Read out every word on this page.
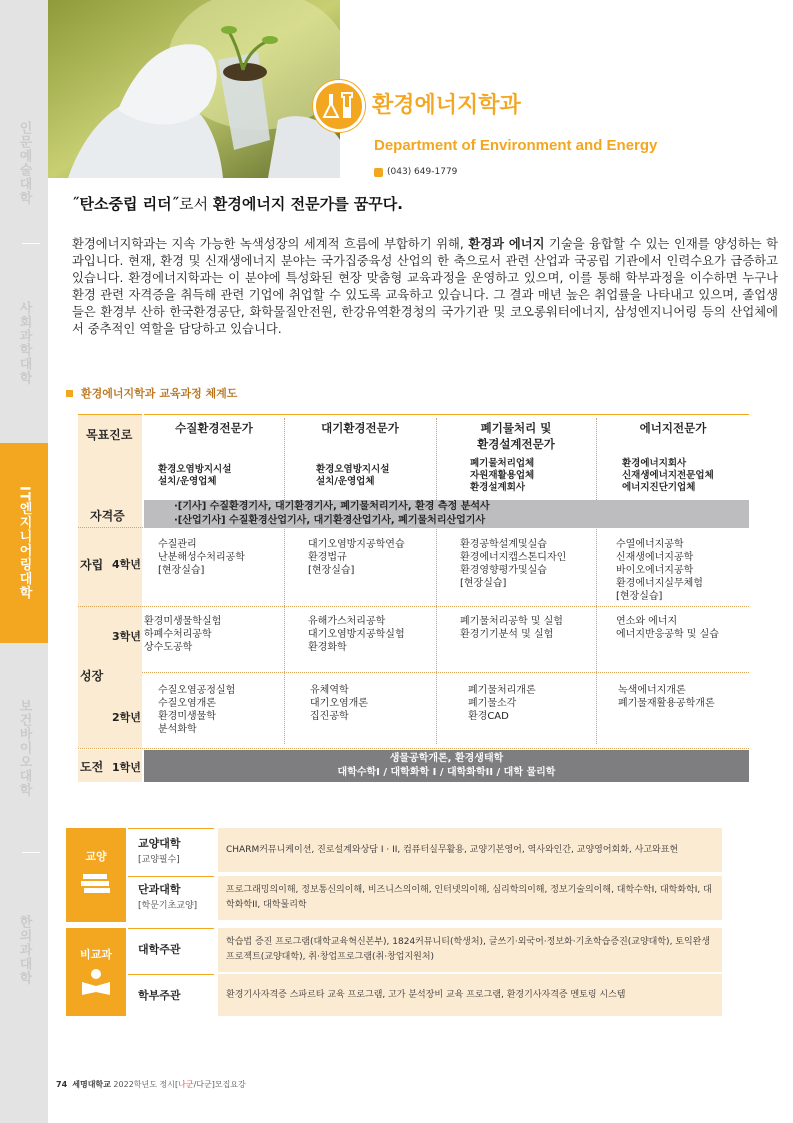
인문예술대학
사회과학대학
IT엔지니어링대학
보건바이오대학
한의과대학
환경에너지학과
Department of Environment and Energy
(043) 649-1779
˝탄소중립 리더˝로서 환경에너지 전문가를 꿈꾸다.
환경에너지학과는 지속 가능한 녹색성장의 세계적 흐름에 부합하기 위해, 환경과 에너지 기술을 융합할 수 있는 인재를 양성하는 학과입니다. 현재, 환경 및 신재생에너지 분야는 국가집중육성 산업의 한 축으로서 관련 산업과 국공립 기관에서 인력수요가 급증하고 있습니다. 환경에너지학과는 이 분야에 특성화된 현장 맞춤형 교육과정을 운영하고 있으며, 이를 통해 학부과정을 이수하면 누구나 환경 관련 자격증을 취득해 관련 기업에 취업할 수 있도록 교육하고 있습니다. 그 결과 매년 높은 취업률을 나타내고 있으며, 졸업생들은 환경부 산하 한국환경공단, 화학물질안전원, 한강유역환경청의 국가기관 및 코오롱워터에너지, 삼성엔지니어링 등의 산업체에서 중추적인 역할을 담당하고 있습니다.
환경에너지학과 교육과정 체계도
목표진로
자격증
자립 4학년
성장
3학년
2학년
도전 1학년
수질환경전문가
환경오염방지시설
설치/운영업체
수질관리
난분해성수처리공학
[현장실습]
환경미생물학실험
하폐수처리공학
상수도공학
수질오염공정실험
수질오염개론
환경미생물학
분석화학
대기환경전문가
환경오염방지시설
설치/운영업체
대기오염방지공학연습
환경법규
[현장실습]
유해가스처리공학
대기오염방지공학실험
환경화학
유체역학
대기오염개론
집진공학
폐기물처리 및
환경설계전문가
폐기물처리업체
자원재활용업체
환경설계회사
환경공학설계및실습
환경에너지캡스톤디자인
환경영향평가및실습
[현장실습]
폐기물처리공학 및 실험
환경기기분석 및 실험
폐기물처리개론
폐기물소각
환경CAD
에너지전문가
환경에너지회사
신재생에너지전문업체
에너지진단기업체
수열에너지공학
신재생에너지공학
바이오에너지공학
환경에너지실무체험
[현장실습]
연소와 에너지
에너지반응공학 및 실습
녹색에너지개론
폐기물재활용공학개론
·[기사] 수질환경기사, 대기환경기사, 폐기물처리기사, 환경 측정 분석사
·[산업기사] 수질환경산업기사, 대기환경산업기사, 폐기물처리산업기사
생물공학개론, 환경생태학
대학수학I / 대학화학 I / 대학화학II / 대학 물리학
교양
비교과
교양대학
[교양필수]
CHARM커뮤니케이션, 진로설계와상담 I · II, 컴퓨터실무활용, 교양기본영어, 역사와인간, 교양영어회화, 사고와표현
단과대학
[학문기초교양]
프로그래밍의이해, 정보통신의이해, 비즈니스의이해, 인터넷의이해, 심리학의이해, 정보기술의이해, 대학수학I, 대학화학I, 대학화학II, 대학물리학
대학주관
학습법 증진 프로그램(대학교육혁신본부), 1824커뮤니티(학생처), 글쓰기·외국어·정보화·기초학습증진(교양대학), 토익완생프로젝트(교양대학), 취·창업프로그램(취·창업지원처)
학부주관	환경기사자격증 스파르타 교육 프로그램, 고가 분석장비 교육 프로그램, 환경기사자격증 멘토링 시스템
74 세명대학교 2022학년도 정시[나군/다군]모집요강
